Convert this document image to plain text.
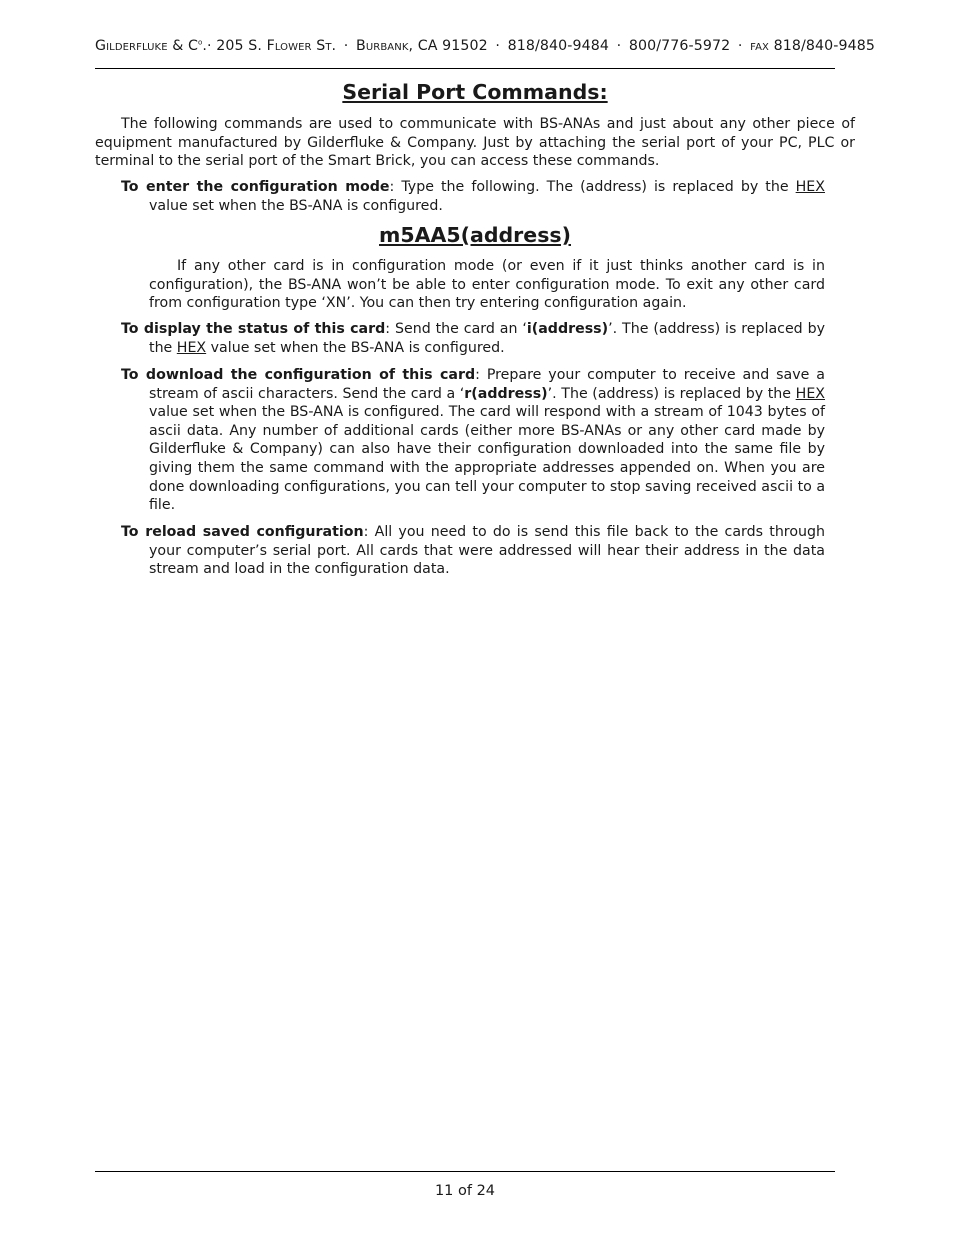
GILDERFLUKE & $C^o.\cdot 205$ S. FLOWER ST. · BURBANK, CA 91502 · 818/840-9484 · 800/776-5972 · FAX 818/840-9485
Serial Port Commands:

The following commands are used to communicate with BS-ANAs and just about any other piece of equipment manufactured by Gilderfluke & Company. Just by attaching the serial port of your PC, PLC or terminal to the serial port of the Smart Brick, you can access these commands.

To enter the configuration mode: Type the following. The (address) is replaced by the HEX value set when the BS-ANA is configured.

m5AA5(address)

If any other card is in configuration mode (or even if it just thinks another card is in configuration), the BS-ANA won’t be able to enter configuration mode. To exit any other card from configuration type ‘XN’. You can then try entering configuration again.

To display the status of this card: Send the card an ‘i(address)’. The (address) is replaced by the HEX value set when the BS-ANA is configured.

To download the configuration of this card: Prepare your computer to receive and save a stream of ascii characters. Send the card a ‘r(address)’. The (address) is replaced by the HEX value set when the BS-ANA is configured. The card will respond with a stream of 1043 bytes of ascii data. Any number of additional cards (either more BS-ANAs or any other card made by Gilderfluke & Company) can also have their configuration downloaded into the same file by giving them the same command with the appropriate addresses appended on. When you are done downloading configurations, you can tell your computer to stop saving received ascii to a file.

To reload saved configuration: All you need to do is send this file back to the cards through your computer’s serial port. All cards that were addressed will hear their address in the data stream and load in the configuration data.

11 of 24
